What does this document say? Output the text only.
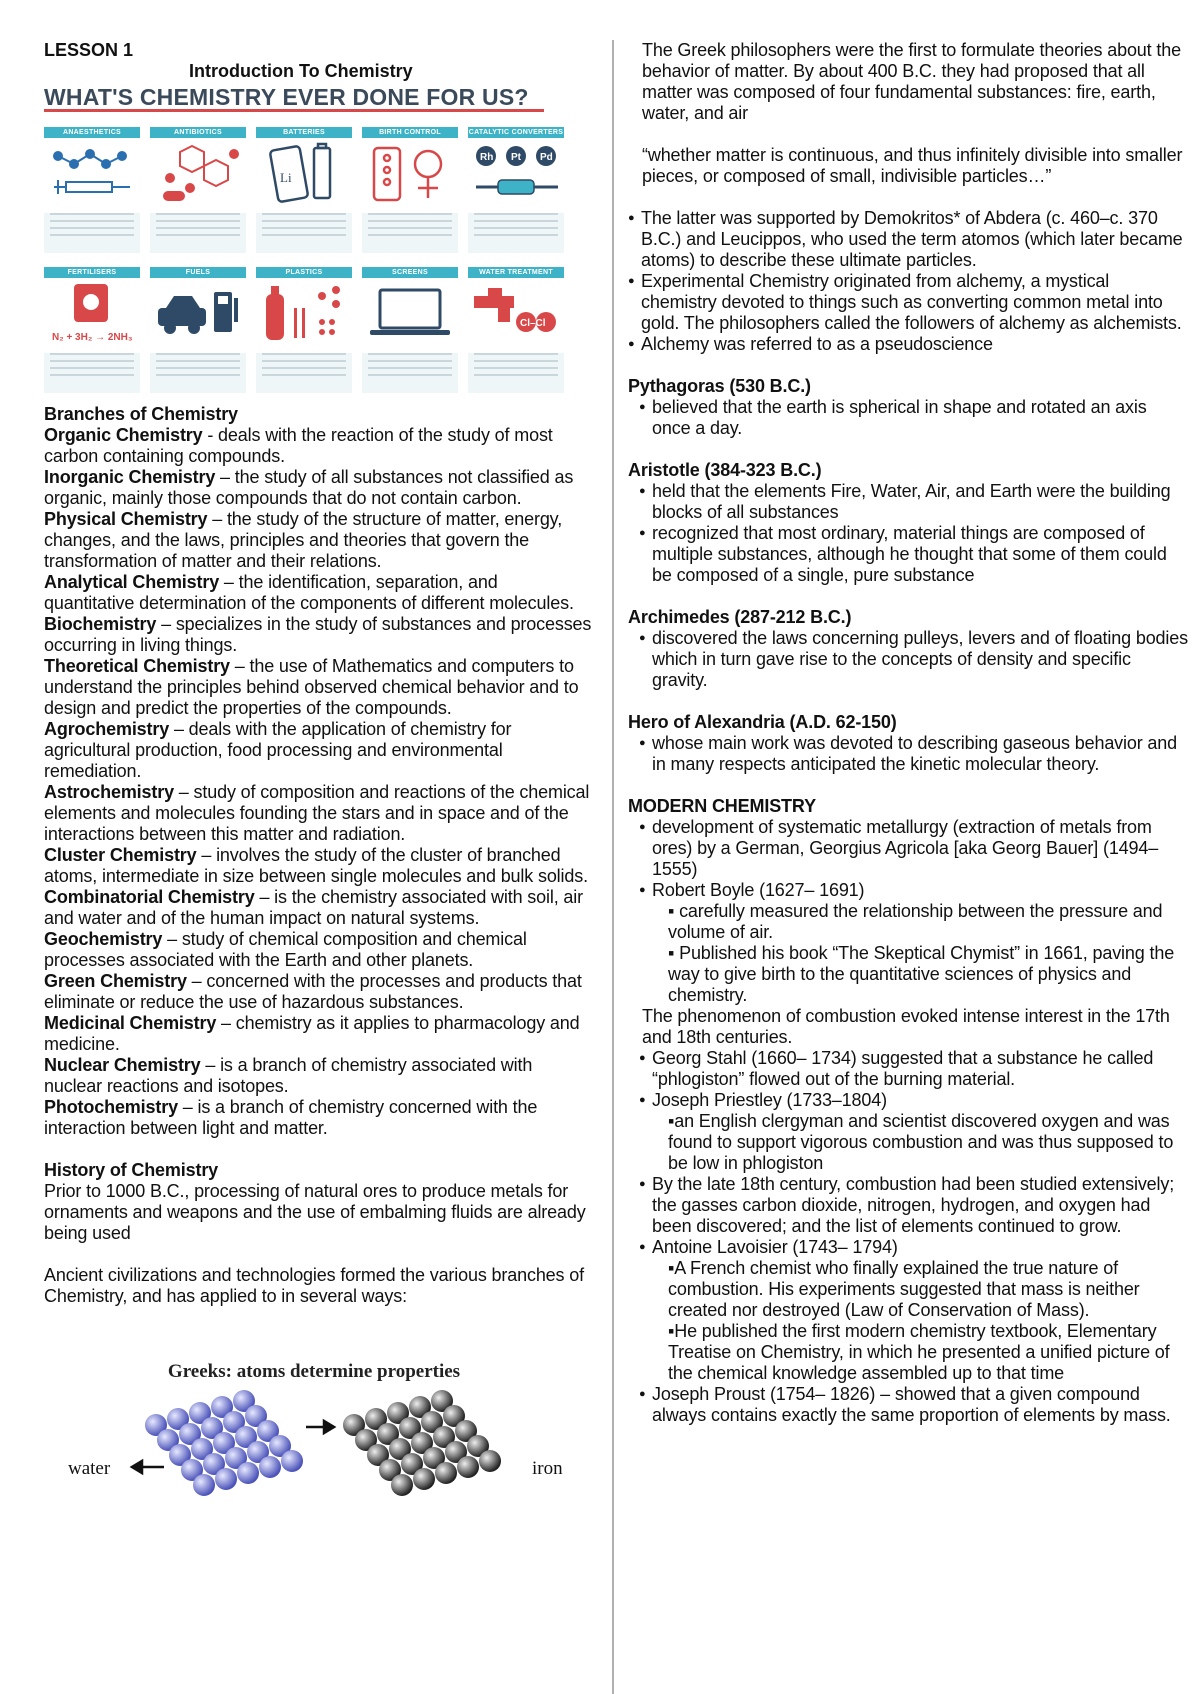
LESSON 1
Introduction To Chemistry
WHAT'S CHEMISTRY EVER DONE FOR US?

ANAESTHETICS	ANTIBIOTICS	BATTERIES
Li
BIRTH CONTROL	CATALYTIC CONVERTERS
Rh Pt Pd
FERTILISERS
N₂ + 3H₂ → 2NH₃
FUELS	PLASTICS	SCREENS	WATER TREATMENT
Cl–Cl
Branches of Chemistry
Organic Chemistry - deals with the reaction of the study of most carbon containing compounds.
Inorganic Chemistry – the study of all substances not classified as organic, mainly those compounds that do not contain carbon.
Physical Chemistry – the study of the structure of matter, energy, changes, and the laws, principles and theories that govern the transformation of matter and their relations.
Analytical Chemistry – the identification, separation, and quantitative determination of the components of different molecules.
Biochemistry – specializes in the study of substances and processes occurring in living things.
Theoretical Chemistry – the use of Mathematics and computers to understand the principles behind observed chemical behavior and to design and predict the properties of the compounds.
Agrochemistry – deals with the application of chemistry for agricultural production, food processing and environmental remediation.
Astrochemistry – study of composition and reactions of the chemical elements and molecules founding the stars and in space and of the interactions between this matter and radiation.
Cluster Chemistry – involves the study of the cluster of branched atoms, intermediate in size between single molecules and bulk solids.
Combinatorial Chemistry – is the chemistry associated with soil, air and water and of the human impact on natural systems.
Geochemistry – study of chemical composition and chemical processes associated with the Earth and other planets.
Green Chemistry – concerned with the processes and products that eliminate or reduce the use of hazardous substances.
Medicinal Chemistry – chemistry as it applies to pharmacology and medicine.
Nuclear Chemistry – is a branch of chemistry associated with nuclear reactions and isotopes.
Photochemistry – is a branch of chemistry concerned with the interaction between light and matter.
History of Chemistry
Prior to 1000 B.C., processing of natural ores to produce metals for ornaments and weapons and the use of embalming fluids are already being used
Ancient civilizations and technologies formed the various branches of Chemistry, and has applied to in several ways:
Greeks: atoms determine properties
water	iron
The Greek philosophers were the first to formulate theories about the behavior of matter. By about 400 B.C. they had proposed that all matter was composed of four fundamental substances: fire, earth, water, and air
“whether matter is continuous, and thus infinitely divisible into smaller pieces, or composed of small, indivisible particles…”
● The latter was supported by Demokritos* of Abdera (c. 460–c. 370 B.C.) and Leucippos, who used the term atomos (which later became atoms) to describe these ultimate particles.
● Experimental Chemistry originated from alchemy, a mystical chemistry devoted to things such as converting common metal into gold. The philosophers called the followers of alchemy as alchemists.
● Alchemy was referred to as a pseudoscience
Pythagoras (530 B.C.)
● believed that the earth is spherical in shape and rotated an axis once a day.
Aristotle (384-323 B.C.)
● held that the elements Fire, Water, Air, and Earth were the building blocks of all substances
● recognized that most ordinary, material things are composed of multiple substances, although he thought that some of them could be composed of a single, pure substance
Archimedes (287-212 B.C.)
● discovered the laws concerning pulleys, levers and of floating bodies which in turn gave rise to the concepts of density and specific gravity.
Hero of Alexandria (A.D. 62-150)
● whose main work was devoted to describing gaseous behavior and in many respects anticipated the kinetic molecular theory.
MODERN CHEMISTRY
● development of systematic metallurgy (extraction of metals from ores) by a German, Georgius Agricola [aka Georg Bauer] (1494–1555)
● Robert Boyle (1627– 1691)
▪ carefully measured the relationship between the pressure and volume of air.
▪ Published his book “The Skeptical Chymist” in 1661, paving the way to give birth to the quantitative sciences of physics and chemistry.
The phenomenon of combustion evoked intense interest in the 17th and 18th centuries.
● Georg Stahl (1660– 1734) suggested that a substance he called “phlogiston” flowed out of the burning material.
● Joseph Priestley (1733–1804)
▪an English clergyman and scientist discovered oxygen and was found to support vigorous combustion and was thus supposed to be low in phlogiston
● By the late 18th century, combustion had been studied extensively; the gasses carbon dioxide, nitrogen, hydrogen, and oxygen had been discovered; and the list of elements continued to grow.
● Antoine Lavoisier (1743– 1794)
▪A French chemist who finally explained the true nature of combustion. His experiments suggested that mass is neither created nor destroyed (Law of Conservation of Mass).
▪He published the first modern chemistry textbook, Elementary Treatise on Chemistry, in which he presented a unified picture of the chemical knowledge assembled up to that time
● Joseph Proust (1754– 1826) – showed that a given compound always contains exactly the same proportion of elements by mass.
